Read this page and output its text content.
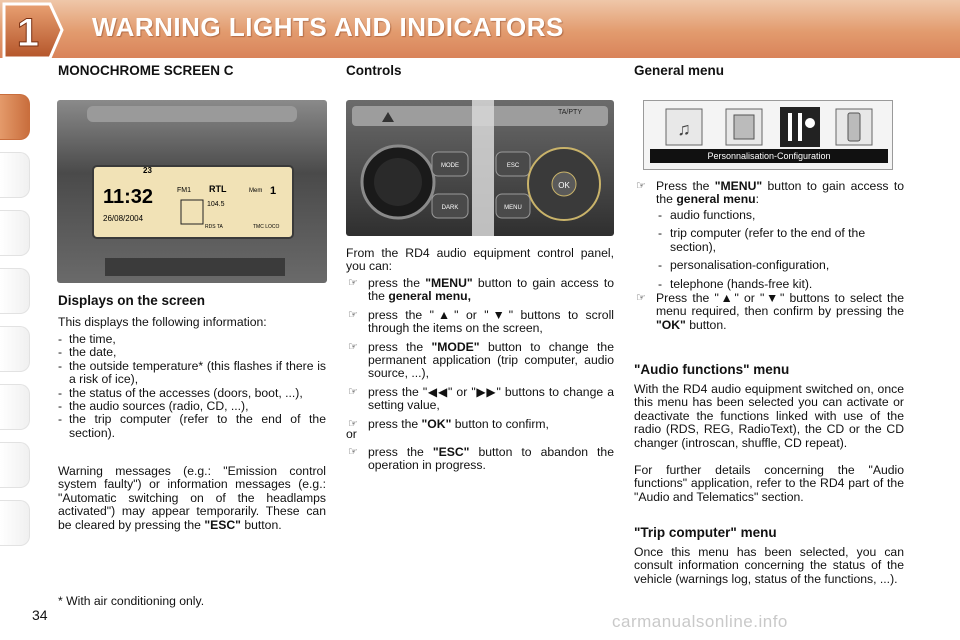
WARNING LIGHTS AND INDICATORS
1
MONOCHROME SCREEN C
23
11:32
26/08/2004
FM1 RTL	Mem 1
104.5
RDS TA	TMC LOCO
Displays on the screen
This displays the following information:
- the time,
- the date,
- the outside temperature* (this flashes if there is a risk of ice),
- the status of the accesses (doors, boot, ...),
- the audio sources (radio, CD, ...),
- the trip computer (refer to the end of the section).
Warning messages (e.g.: "Emission control system faulty") or information messages (e.g.: "Automatic switching on of the headlamps activated") may appear temporarily. These can be cleared by pressing the "ESC" button.
* With air conditioning only.
34
Controls
OK
TA/PTY
MODE
DARK
ESC
MENU
From the RD4 audio equipment control panel, you can:
☞ press the "MENU" button to gain access to the general menu,
☞ press the "▲" or "▼" buttons to scroll through the items on the screen,
☞ press the "MODE" button to change the permanent application (trip computer, audio source, ...),
☞ press the "◀◀" or "▶▶" buttons to change a setting value,
☞ press the "OK" button to confirm,
or
☞ press the "ESC" button to abandon the operation in progress.
General menu
♫
Personnalisation-Configuration
☞ Press the "MENU" button to gain access to the general menu:
- audio functions,
- trip computer (refer to the end of the section),
- personalisation-configuration,
- telephone (hands-free kit).
☞ Press the "▲" or "▼" buttons to select the menu required, then confirm by pressing the "OK" button.
"Audio functions" menu
With the RD4 audio equipment switched on, once this menu has been selected you can activate or deactivate the functions linked with use of the radio (RDS, REG, RadioText), the CD or the CD changer (introscan, shuffle, CD repeat).
For further details concerning the "Audio functions" application, refer to the RD4 part of the "Audio and Telematics" section.
"Trip computer" menu
Once this menu has been selected, you can consult information concerning the status of the vehicle (warnings log, status of the functions, ...).
carmanualsonline.info
